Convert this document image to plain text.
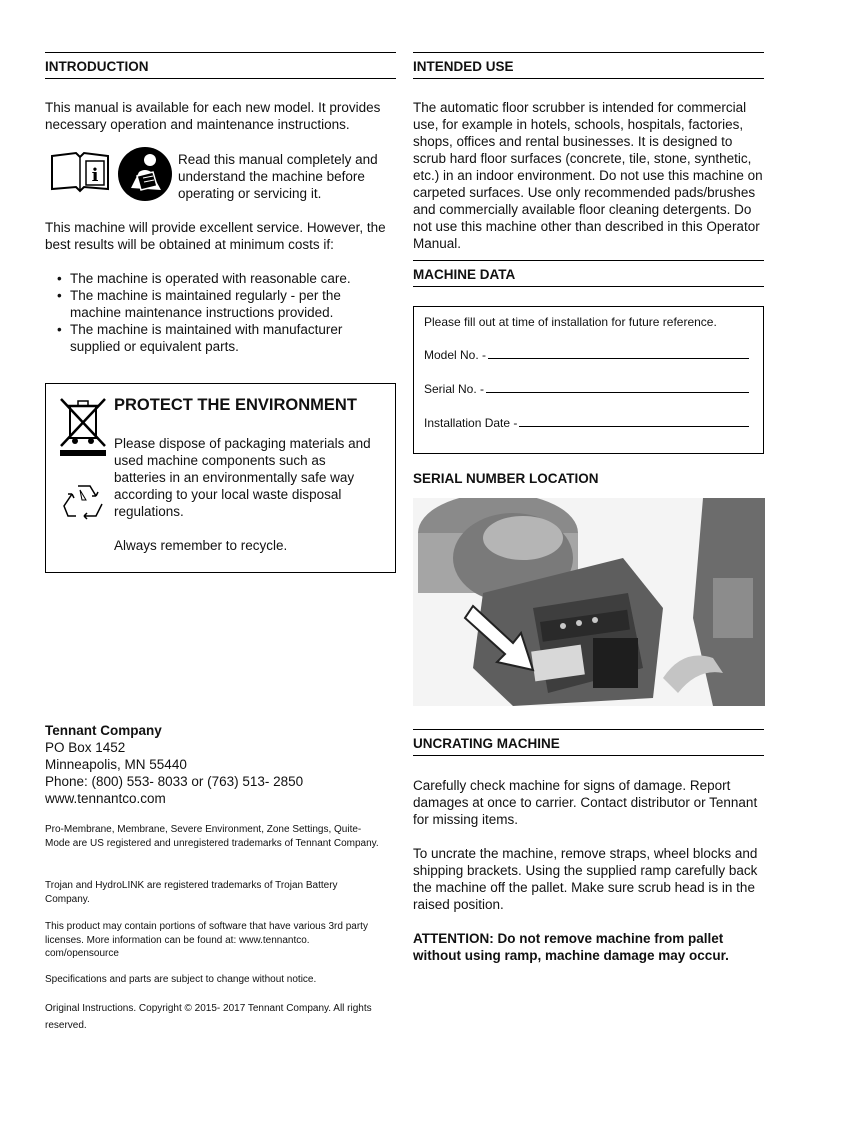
INTRODUCTION
This manual is available for each new model. It provides necessary operation and maintenance instructions.
i
Read this manual completely and understand the machine before operating or servicing it.
This machine will provide excellent service. However, the best results will be obtained at minimum costs if:
• The machine is operated with reasonable care.
• The machine is maintained regularly - per the machine maintenance instructions provided.
• The machine is maintained with manufacturer supplied or equivalent parts.
PROTECT THE ENVIRONMENT
Please dispose of packaging materials and used machine components such as batteries in an environmentally safe way according to your local waste disposal regulations.
Always remember to recycle.
Tennant Company
PO Box 1452
Minneapolis, MN 55440
Phone: (800) 553- 8033 or (763) 513- 2850
www.tennantco.com
Pro-Membrane, Membrane, Severe Environment, Zone Settings, Quite-Mode are US registered and unregistered trademarks of Tennant Company.
Trojan and HydroLINK are registered trademarks of Trojan Battery Company.
This product may contain portions of software that have various 3rd party licenses. More information can be found at: www.tennantco. com/opensource
Specifications and parts are subject to change without notice.
Original Instructions. Copyright © 2015- 2017 Tennant Company. All rights reserved.
INTENDED USE
The automatic floor scrubber is intended for commercial use, for example in hotels, schools, hospitals, factories, shops, offices and rental businesses. It is designed to scrub hard floor surfaces (concrete, tile, stone, synthetic, etc.) in an indoor environment. Do not use this machine on carpeted surfaces. Use only recommended pads/brushes and commercially available floor cleaning detergents. Do not use this machine other than described in this Operator Manual.
MACHINE DATA
Please fill out at time of installation for future reference.
Model No. -
Serial No. -
Installation Date -
SERIAL NUMBER LOCATION
UNCRATING MACHINE
Carefully check machine for signs of damage. Report damages at once to carrier. Contact distributor or Tennant for missing items.
To uncrate the machine, remove straps, wheel blocks and shipping brackets. Using the supplied ramp carefully back the machine off the pallet. Make sure scrub head is in the raised position.
ATTENTION: Do not remove machine from pallet without using ramp, machine damage may occur.
